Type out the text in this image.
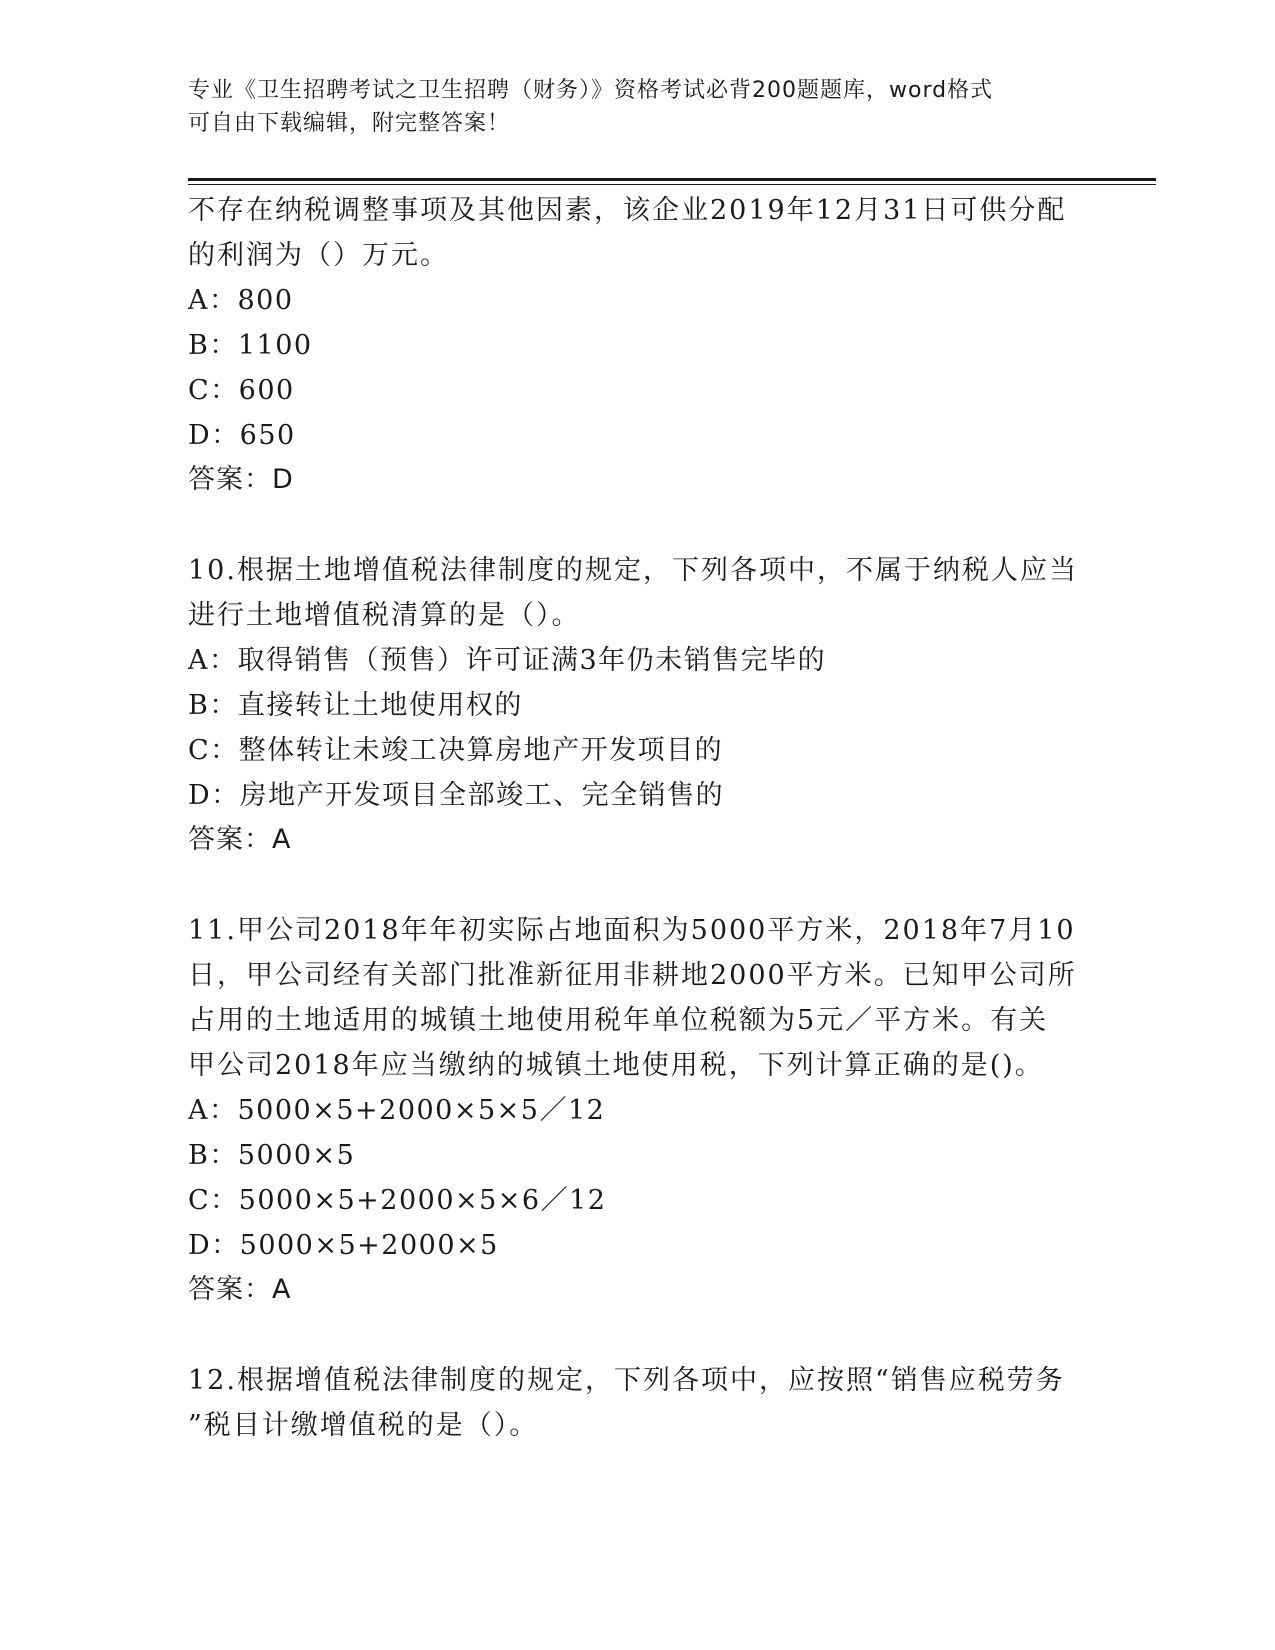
专业《卫生招聘考试之卫生招聘（财务）》资格考试必背200题题库，word格式
可自由下载编辑，附完整答案！
不存在纳税调整事项及其他因素，该企业2019年12月31日可供分配
的利润为（）万元。
A：800
B：1100
C：600
D：650
答案：D
10.根据土地增值税法律制度的规定，下列各项中，不属于纳税人应当
进行土地增值税清算的是（）。
A：取得销售（预售）许可证满3年仍未销售完毕的
B：直接转让土地使用权的
C：整体转让未竣工决算房地产开发项目的
D：房地产开发项目全部竣工、完全销售的
答案：A
11.甲公司2018年年初实际占地面积为5000平方米，2018年7月10
日，甲公司经有关部门批准新征用非耕地2000平方米。已知甲公司所
占用的土地适用的城镇土地使用税年单位税额为5元／平方米。有关
甲公司2018年应当缴纳的城镇土地使用税，下列计算正确的是()。
A：5000×5+2000×5×5／12
B：5000×5
C：5000×5+2000×5×6／12
D：5000×5+2000×5
答案：A
12.根据增值税法律制度的规定，下列各项中，应按照“销售应税劳务
”税目计缴增值税的是（）。
